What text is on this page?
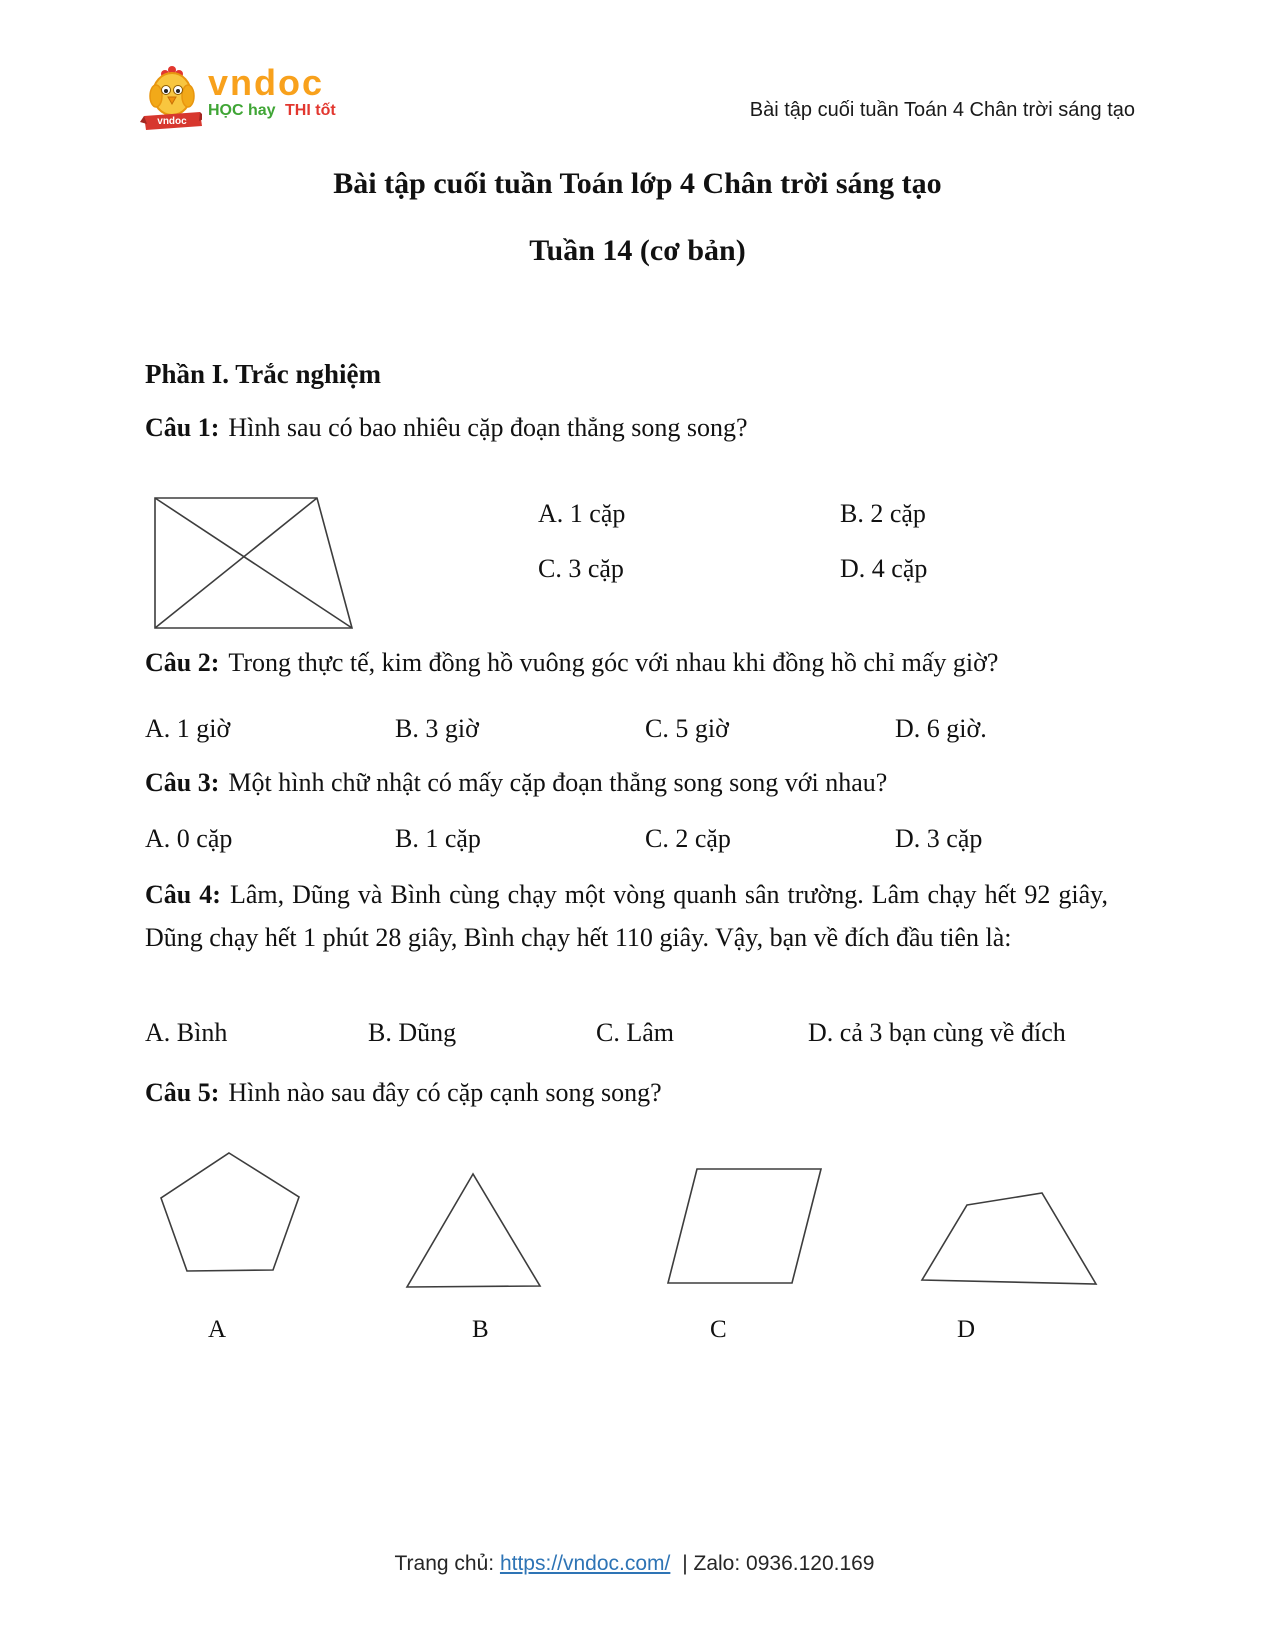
vndoc
vndoc
HỌC hay THI tốt	Bài tập cuối tuần Toán 4 Chân trời sáng tạo
Bài tập cuối tuần Toán lớp 4 Chân trời sáng tạo
Tuần 14 (cơ bản)
Phần I. Trắc nghiệm
Câu 1: Hình sau có bao nhiêu cặp đoạn thẳng song song?
A. 1 cặp	B. 2 cặp
C. 3 cặp	D. 4 cặp
Câu 2: Trong thực tế, kim đồng hồ vuông góc với nhau khi đồng hồ chỉ mấy giờ?
A. 1 giờ	B. 3 giờ	C. 5 giờ	D. 6 giờ.
Câu 3: Một hình chữ nhật có mấy cặp đoạn thẳng song song với nhau?
A. 0 cặp	B. 1 cặp	C. 2 cặp	D. 3 cặp
Câu 4: Lâm, Dũng và Bình cùng chạy một vòng quanh sân trường. Lâm chạy hết 92 giây, Dũng chạy hết 1 phút 28 giây, Bình chạy hết 110 giây. Vậy, bạn về đích đầu tiên là:
A. Bình	B. Dũng	C. Lâm	D. cả 3 bạn cùng về đích
Câu 5: Hình nào sau đây có cặp cạnh song song?
A	B	C	D
Trang chủ: https://vndoc.com/ | Zalo: 0936.120.169
